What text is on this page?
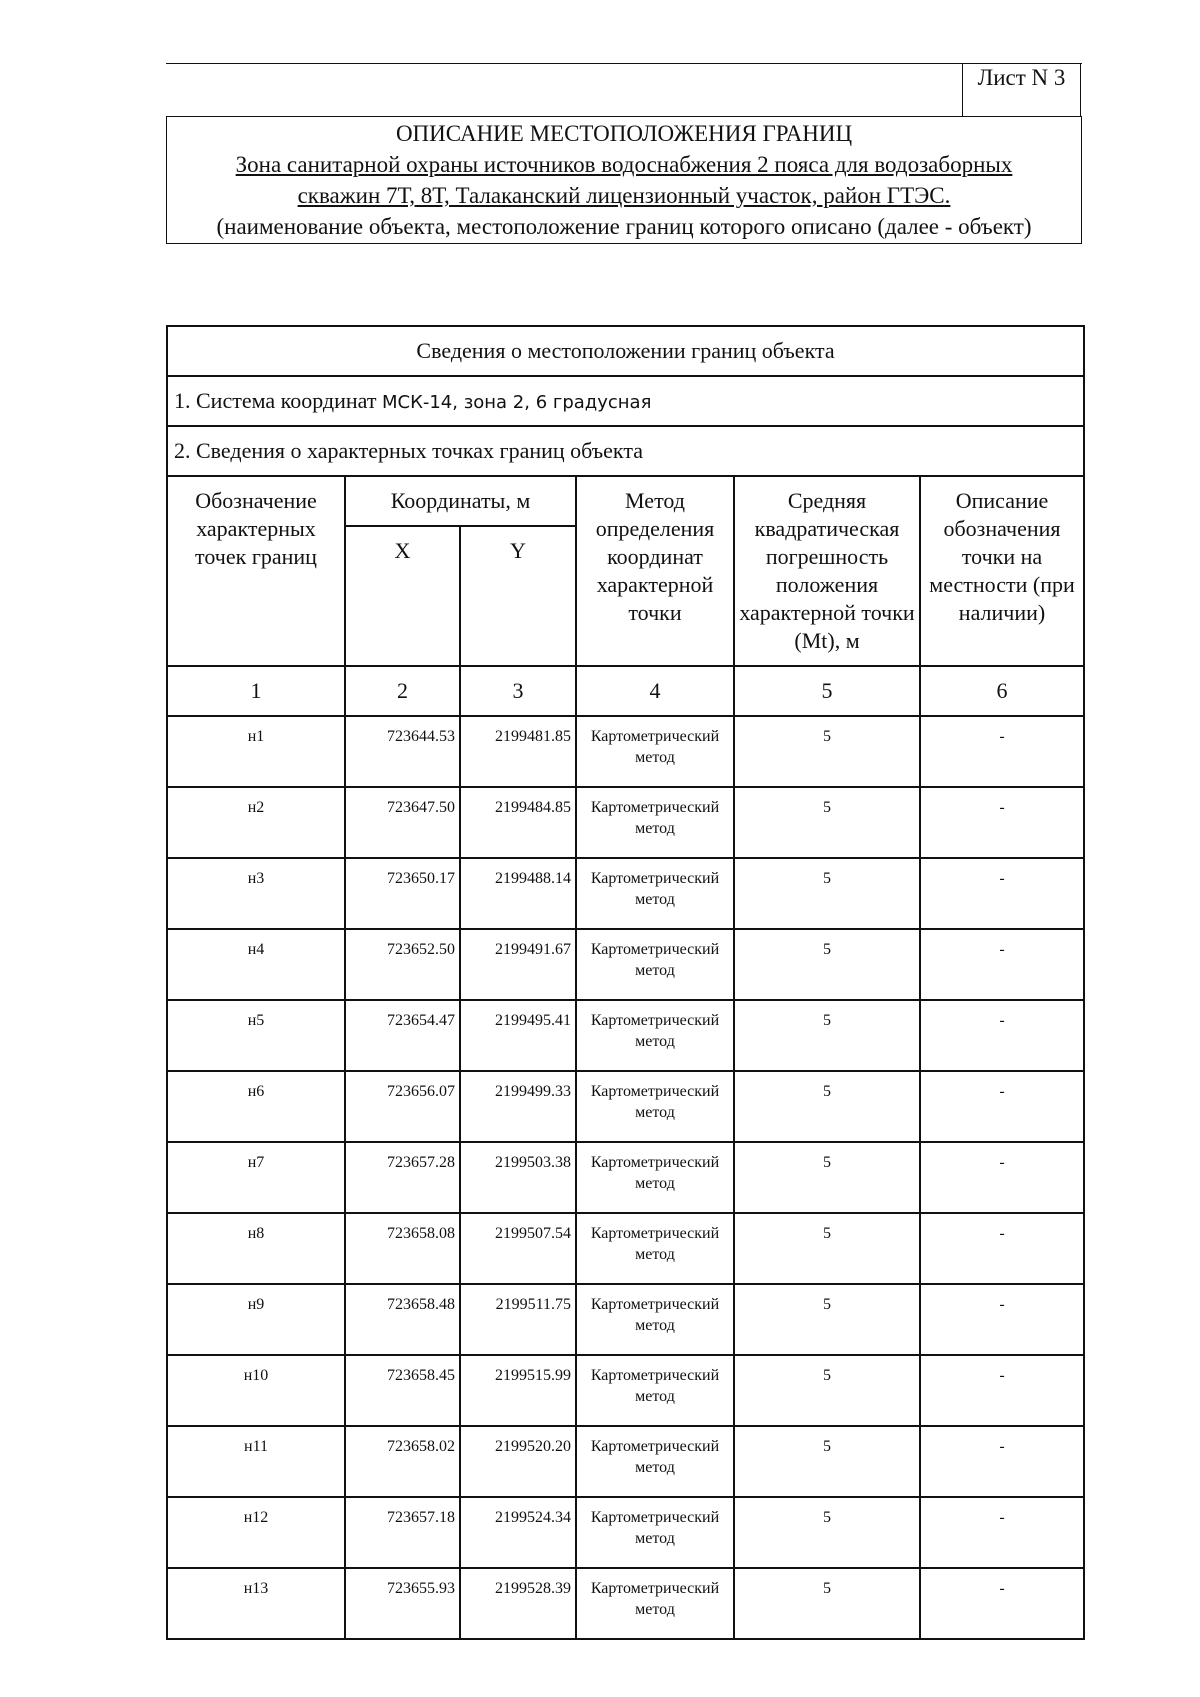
Лист N 3
ОПИСАНИЕ МЕСТОПОЛОЖЕНИЯ ГРАНИЦ
Зона санитарной охраны источников водоснабжения 2 пояса для водозаборных
скважин 7Т, 8Т, Талаканский лицензионный участок, район ГТЭС.
(наименование объекта, местоположение границ которого описано (далее - объект)
Сведения о местоположении границ объекта					
1. Система координат МСК-14, зона 2, 6 градусная					
2. Сведения о характерных точках границ объекта					
Обозначение характерных точек границ	Координаты, м		Метод определения координат характерной точки	Средняя квадратическая погрешность положения характерной точки (Mt), м	Описание обозначения точки на местности (при наличии)
	X	Y			
1	2	3	4	5	6
н1	723644.53	2199481.85	Картометрический метод	5	-
н2	723647.50	2199484.85	Картометрический метод	5	-
н3	723650.17	2199488.14	Картометрический метод	5	-
н4	723652.50	2199491.67	Картометрический метод	5	-
н5	723654.47	2199495.41	Картометрический метод	5	-
н6	723656.07	2199499.33	Картометрический метод	5	-
н7	723657.28	2199503.38	Картометрический метод	5	-
н8	723658.08	2199507.54	Картометрический метод	5	-
н9	723658.48	2199511.75	Картометрический метод	5	-
н10	723658.45	2199515.99	Картометрический метод	5	-
н11	723658.02	2199520.20	Картометрический метод	5	-
н12	723657.18	2199524.34	Картометрический метод	5	-
н13	723655.93	2199528.39	Картометрический метод	5	-
